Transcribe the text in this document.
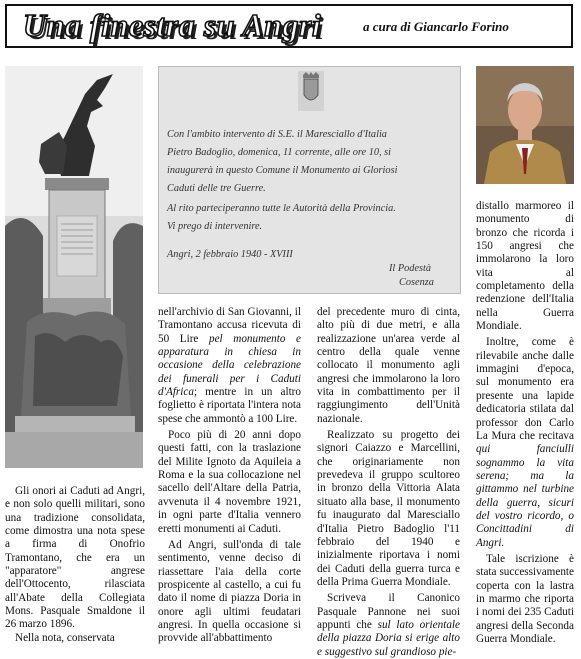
Una finestra su Angri	a cura di Giancarlo Forino
Con l'ambito intervento di S.E. il Maresciallo d'Italia
Pietro Badoglio, domenica, 11 corrente, alle ore 10, si
inaugurerà in questo Comune il Monumento ai Gloriosi
Caduti delle tre Guerre.
Al rito parteciperanno tutte le Autorità della Provincia.
Vi prego di intervenire.
Angri, 2 febbraio 1940 - XVIII
Il Podestà
Cosenza

Gli onori ai Caduti ad Angri, e non solo quelli militari, sono una tradizione consolidata, come dimostra una nota spese a firma di Onofrio Tramontano, che era un "apparatore" angrese dell'Ottocento, rilasciata all'Abate della Collegiata Mons. Pasquale Smaldone il 26 marzo 1896.

Nella nota, conservata

nell'archivio di San Giovanni, il Tramontano accusa ricevuta di 50 Lire pel monumento e apparatura in chiesa in occasione della celebrazione dei funerali per i Caduti d'Africa; mentre in un altro foglietto è riportata l'intera nota spese che ammontò a 100 Lire.

Poco più di 20 anni dopo questi fatti, con la traslazione del Milite Ignoto da Aquileia a Roma e la sua collocazione nel sacello dell'Altare della Patria, avvenuta il 4 novembre 1921, in ogni parte d'Italia vennero eretti monumenti ai Caduti.

Ad Angri, sull'onda di tale sentimento, venne deciso di riassettare l'aia della corte prospicente al castello, a cui fu dato il nome di piazza Doria in onore agli ultimi feudatari angresi. In quella occasione si provvide all'abbattimento

del precedente muro di cinta, alto più di due metri, e alla realizzazione un'area verde al centro della quale venne collocato il monumento agli angresi che immolarono la loro vita in combattimento per il raggiungimento dell'Unità nazionale.

Realizzato su progetto dei signori Caiazzo e Marcellini, che originariamente non prevedeva il gruppo scultoreo in bronzo della Vittoria Alata situato alla base, il monumento fu inaugurato dal Maresciallo d'Italia Pietro Badoglio l'11 febbraio del 1940 e inizialmente riportava i nomi dei Caduti della guerra turca e della Prima Guerra Mondiale.

Scriveva il Canonico Pasquale Pannone nei suoi appunti che sul lato orientale della piazza Doria si erige alto e suggestivo sul grandioso pie-

distallo marmoreo il monumento di bronzo che ricorda i 150 angresi che immolarono la loro vita al completamento della redenzione dell'Italia nella Guerra Mondiale.

Inoltre, come è rilevabile anche dalle immagini d'epoca, sul monumento era presente una lapide dedicatoria stilata dal professor don Carlo La Mura che recitava qui fanciulli sognammo la vita serena; ma la gittammo nel turbine della guerra, sicuri del vostro ricordo, o Concittadini di Angri.

Tale iscrizione è stata successivamente coperta con la lastra in marmo che riporta i nomi dei 235 Caduti angresi della Seconda Guerra Mondiale.
